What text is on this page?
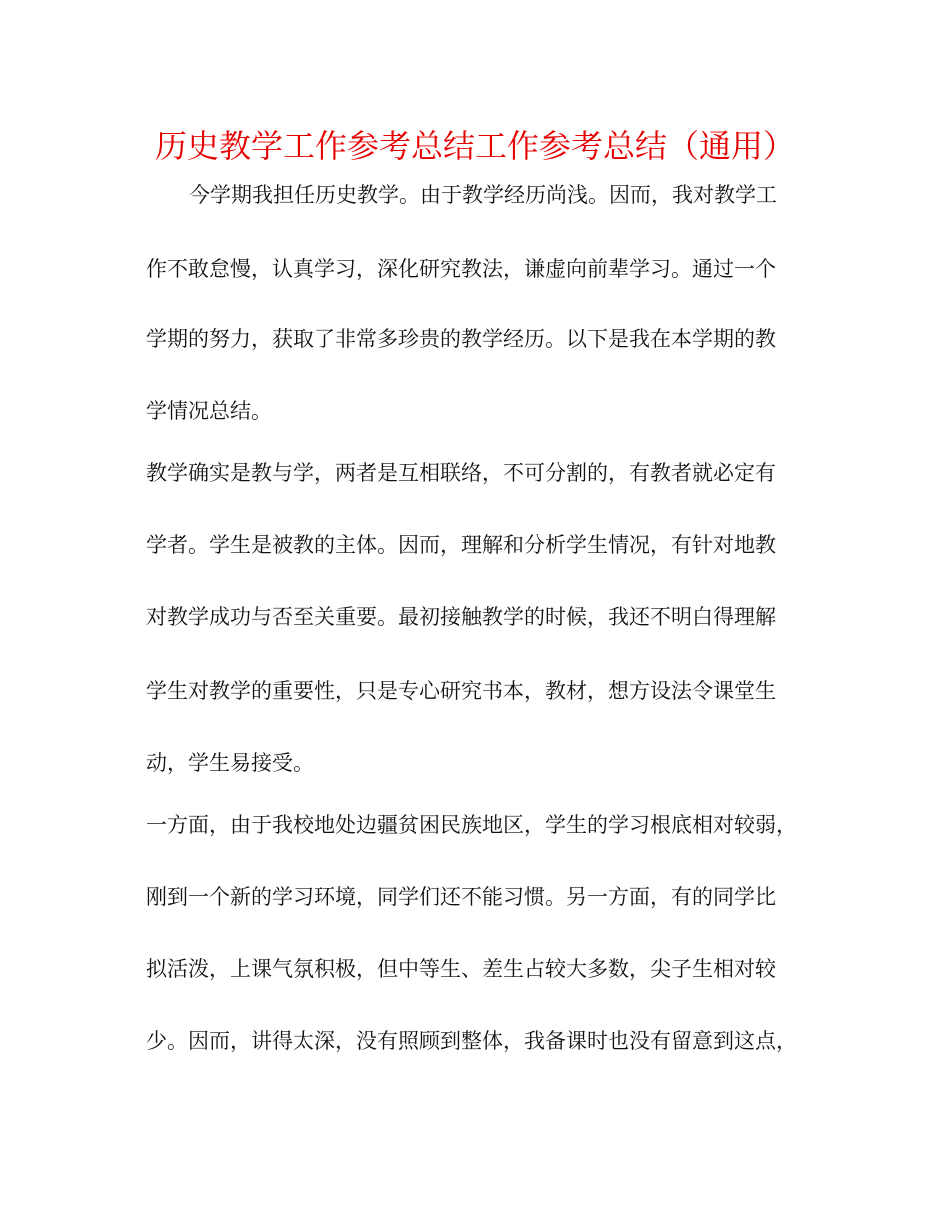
历史教学工作参考总结工作参考总结（通用）
今学期我担任历史教学。由于教学经历尚浅。因而，我对教学工
作不敢怠慢，认真学习，深化研究教法，谦虚向前辈学习。通过一个
学期的努力，获取了非常多珍贵的教学经历。以下是我在本学期的教
学情况总结。
教学确实是教与学，两者是互相联络，不可分割的，有教者就必定有
学者。学生是被教的主体。因而，理解和分析学生情况，有针对地教
对教学成功与否至关重要。最初接触教学的时候，我还不明白得理解
学生对教学的重要性，只是专心研究书本，教材，想方设法令课堂生
动，学生易接受。
一方面，由于我校地处边疆贫困民族地区，学生的学习根底相对较弱，
刚到一个新的学习环境，同学们还不能习惯。另一方面，有的同学比
拟活泼，上课气氛积极，但中等生、差生占较大多数，尖子生相对较
少。因而，讲得太深，没有照顾到整体，我备课时也没有留意到这点，
